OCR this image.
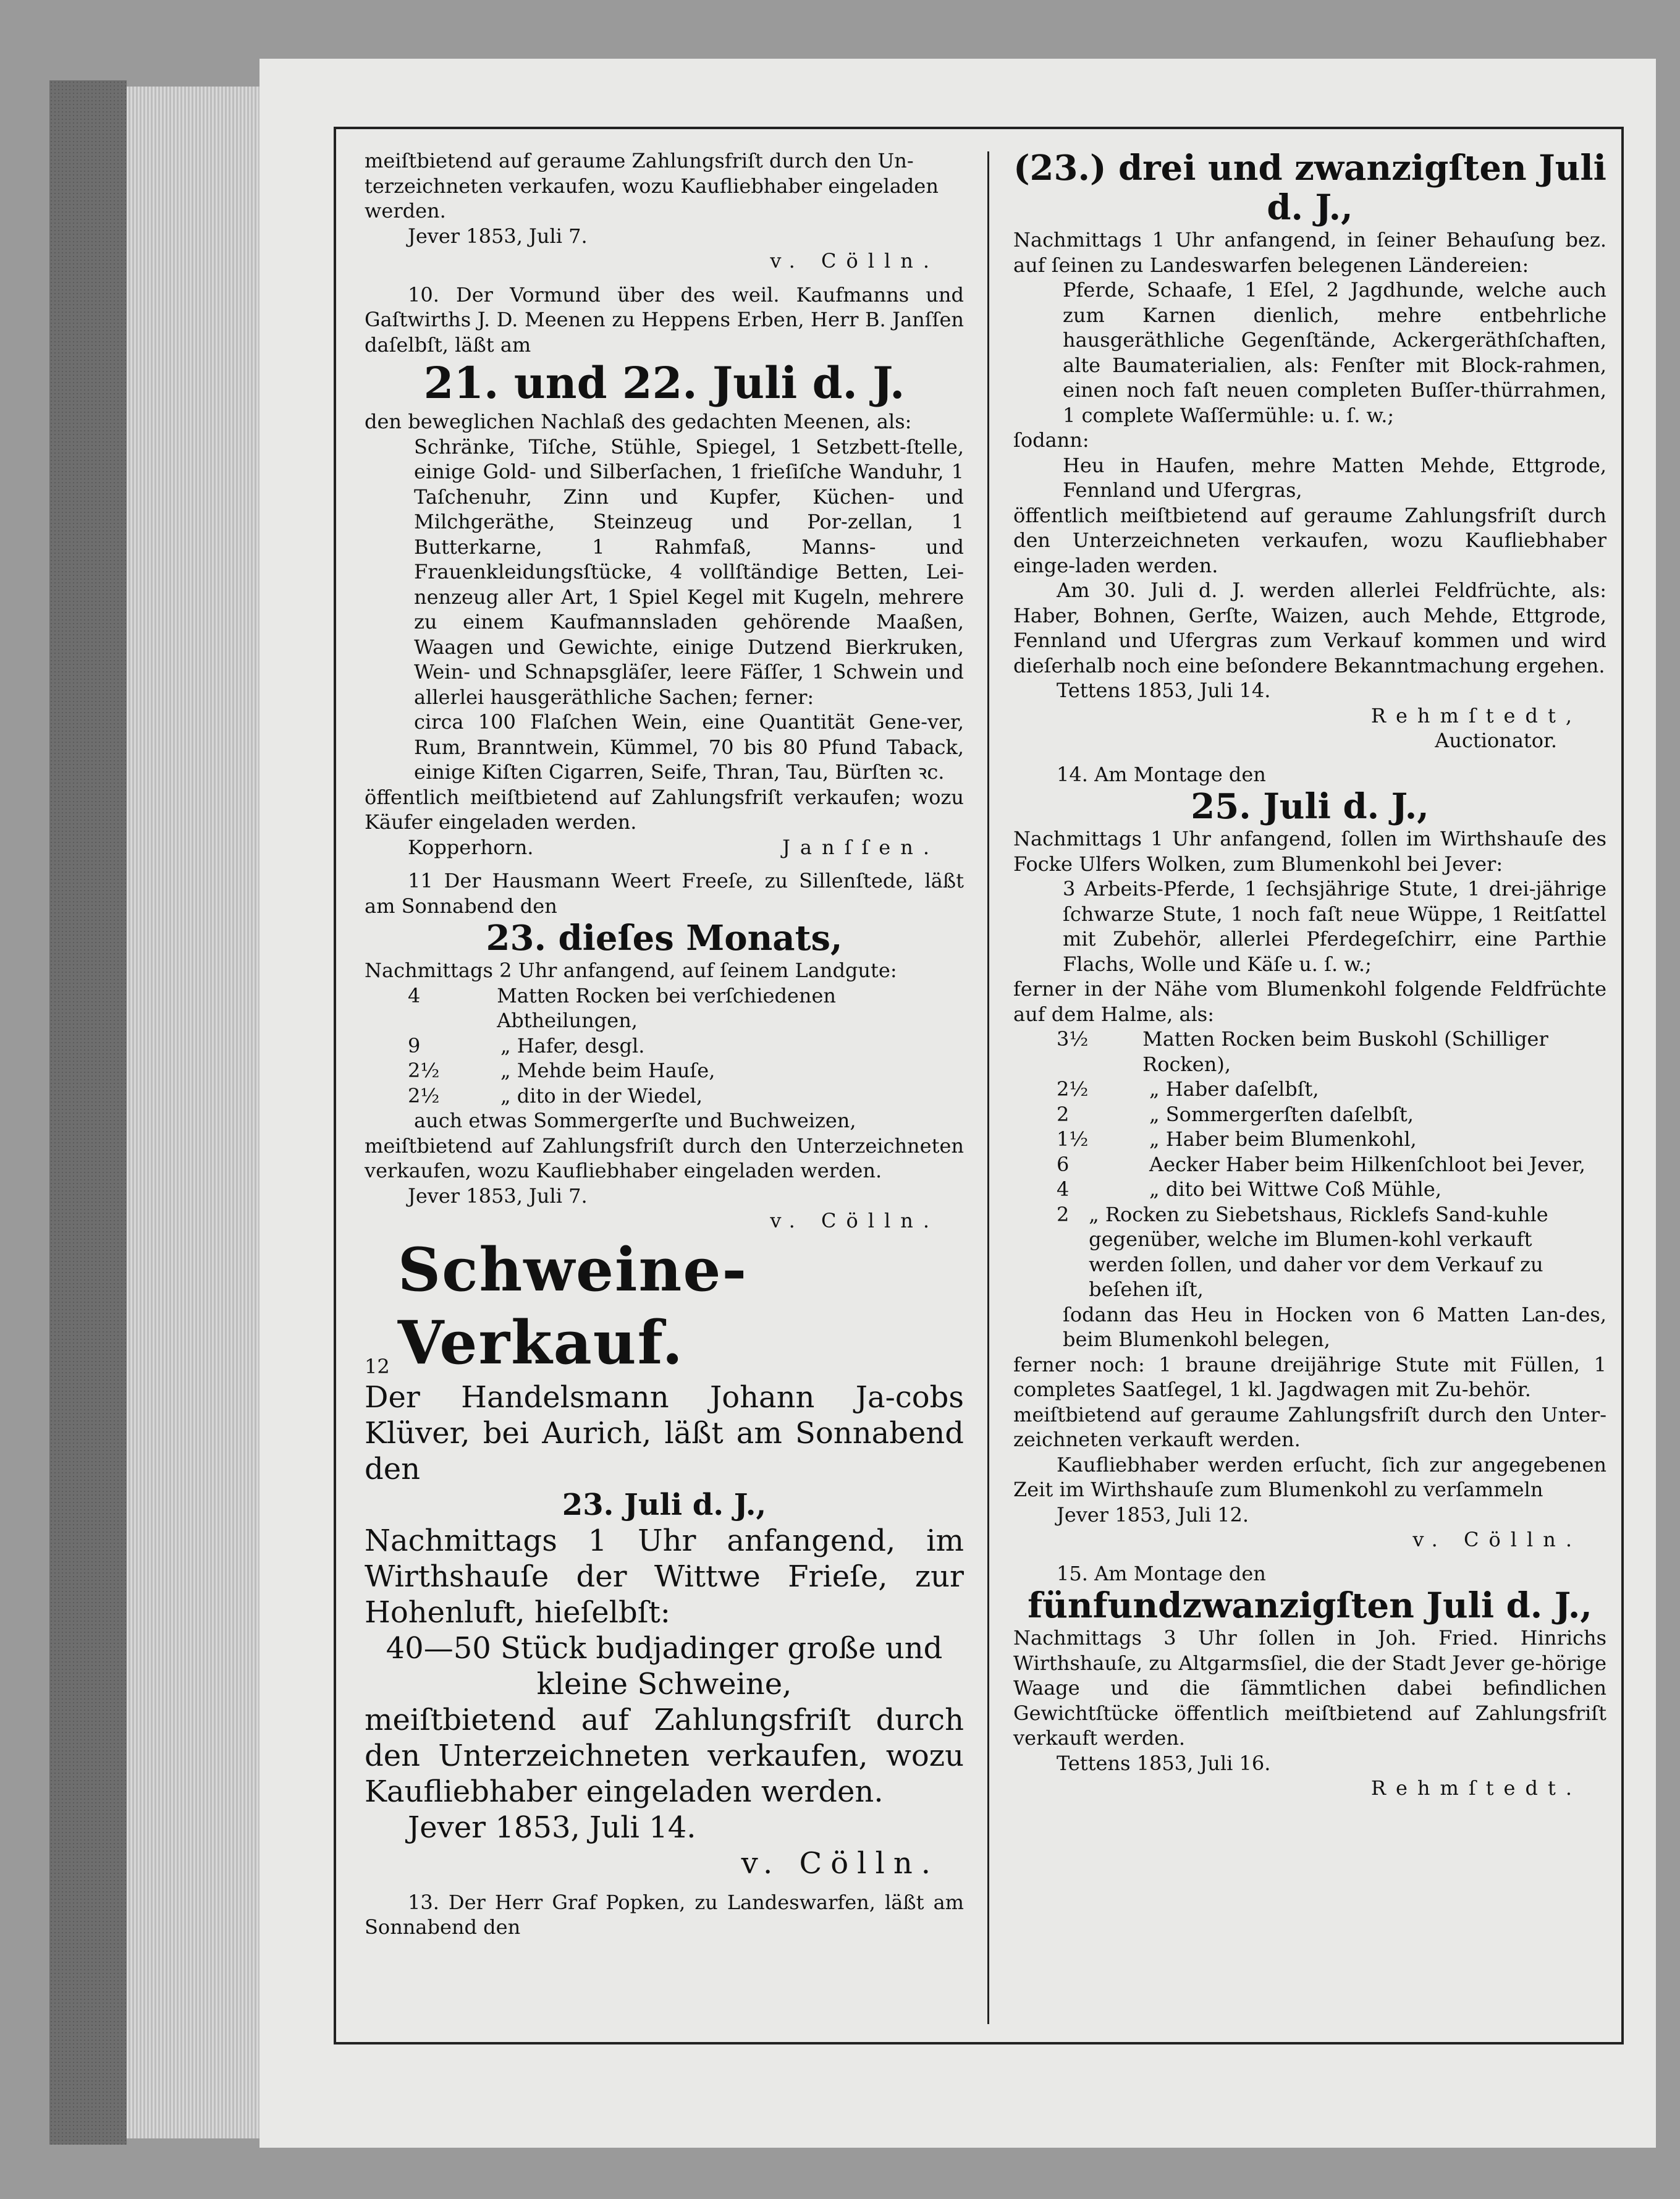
meiſtbietend auf geraume Zahlungsfriſt durch den Un-

terzeichneten verkaufen, wozu Kaufliebhaber eingeladen

werden.

Jever 1853, Juli 7.

v. Cölln.

10. Der Vormund über des weil. Kaufmanns und Gaſtwirths J. D. Meenen zu Heppens Erben, Herr B. Janſſen daſelbſt, läßt am

21. und 22. Juli d. J.

den beweglichen Nachlaß des gedachten Meenen, als:

Schränke, Tiſche, Stühle, Spiegel, 1 Setzbett-ſtelle, einige Gold- und Silberſachen, 1 frieſiſche Wanduhr, 1 Taſchenuhr, Zinn und Kupfer, Küchen- und Milchgeräthe, Steinzeug und Por-zellan, 1 Butterkarne, 1 Rahmfaß, Manns- und Frauenkleidungsſtücke, 4 vollſtändige Betten, Lei-nenzeug aller Art, 1 Spiel Kegel mit Kugeln, mehrere zu einem Kaufmannsladen gehörende Maaßen, Waagen und Gewichte, einige Dutzend Bierkruken, Wein- und Schnapsgläſer, leere Fäſſer, 1 Schwein und allerlei hausgeräthliche Sachen; ferner:

circa 100 Flaſchen Wein, eine Quantität Gene-ver, Rum, Branntwein, Kümmel, 70 bis 80 Pfund Taback, einige Kiſten Cigarren, Seife, Thran, Tau, Bürſten ꝛc.

öffentlich meiſtbietend auf Zahlungsfriſt verkaufen; wozu Käufer eingeladen werden.

Kopperhorn.	Janſſen.

11 Der Hausmann Weert Freeſe, zu Sillenſtede, läßt am Sonnabend den

23. dieſes Monats,

Nachmittags 2 Uhr anfangend, auf ſeinem Landgute:

4	Matten Rocken bei verſchiedenen Abtheilungen,
9	„ Hafer, desgl.
2½	„ Mehde beim Hauſe,
2½	„ dito in der Wiedel,

auch etwas Sommergerſte und Buchweizen,

meiſtbietend auf Zahlungsfriſt durch den Unterzeichneten verkaufen, wozu Kaufliebhaber eingeladen werden.

Jever 1853, Juli 7.

v. Cölln.

12
Schweine-Verkauf.

Der Handelsmann Johann Ja-cobs Klüver, bei Aurich, läßt am Sonnabend den

23. Juli d. J.,

Nachmittags 1 Uhr anfangend, im Wirthshauſe der Wittwe Frieſe, zur Hohenluft, hieſelbſt:

40—50 Stück budjadinger große und kleine Schweine,

meiſtbietend auf Zahlungsfriſt durch den Unterzeichneten verkaufen, wozu Kaufliebhaber eingeladen werden.

Jever 1853, Juli 14.

v. Cölln.

13. Der Herr Graf Popken, zu Landeswarfen, läßt am Sonnabend den

(23.) drei und zwanzigſten Juli d. J.,

Nachmittags 1 Uhr anfangend, in ſeiner Behauſung bez. auf ſeinen zu Landeswarfen belegenen Ländereien:

Pferde, Schaafe, 1 Eſel, 2 Jagdhunde, welche auch zum Karnen dienlich, mehre entbehrliche hausgeräthliche Gegenſtände, Ackergeräthſchaften, alte Baumaterialien, als: Fenſter mit Block-rahmen, einen noch faſt neuen completen Buſſer-thürrahmen, 1 complete Waſſermühle: u. ſ. w.;

ſodann:

Heu in Haufen, mehre Matten Mehde, Ettgrode, Fennland und Ufergras,

öffentlich meiſtbietend auf geraume Zahlungsfriſt durch den Unterzeichneten verkaufen, wozu Kaufliebhaber einge-laden werden.

Am 30. Juli d. J. werden allerlei Feldfrüchte, als: Haber, Bohnen, Gerſte, Waizen, auch Mehde, Ettgrode, Fennland und Ufergras zum Verkauf kommen und wird dieſerhalb noch eine beſondere Bekanntmachung ergehen.

Tettens 1853, Juli 14.

Rehmſtedt,

Auctionator.

14. Am Montage den

25. Juli d. J.,

Nachmittags 1 Uhr anfangend, ſollen im Wirthshauſe des Focke Ulfers Wolken, zum Blumenkohl bei Jever:

3 Arbeits-Pferde, 1 ſechsjährige Stute, 1 drei-jährige ſchwarze Stute, 1 noch faſt neue Wüppe, 1 Reitſattel mit Zubehör, allerlei Pferdegeſchirr, eine Parthie Flachs, Wolle und Käſe u. ſ. w.;

ferner in der Nähe vom Blumenkohl folgende Feldfrüchte auf dem Halme, als:

3½	Matten Rocken beim Buskohl (Schilliger Rocken),
2½	„ Haber daſelbſt,
2	„ Sommergerſten daſelbſt,
1½	„ Haber beim Blumenkohl,
6	Aecker Haber beim Hilkenſchloot bei Jever,
4	„ dito bei Wittwe Coß Mühle,
2 „ Rocken zu Siebetshaus, Ricklefs Sand-kuhle gegenüber, welche im Blumen-kohl verkauft werden ſollen, und daher vor dem Verkauf zu beſehen iſt,

ſodann das Heu in Hocken von 6 Matten Lan-des, beim Blumenkohl belegen,

ferner noch: 1 braune dreijährige Stute mit Füllen, 1 completes Saatſegel, 1 kl. Jagdwagen mit Zu-behör.

meiſtbietend auf geraume Zahlungsfriſt durch den Unter-zeichneten verkauft werden.

Kaufliebhaber werden erſucht, ſich zur angegebenen Zeit im Wirthshauſe zum Blumenkohl zu verſammeln

Jever 1853, Juli 12.

v. Cölln.

15. Am Montage den

fünfundzwanzigſten Juli d. J.,

Nachmittags 3 Uhr ſollen in Joh. Fried. Hinrichs Wirthshauſe, zu Altgarmsſiel, die der Stadt Jever ge-hörige Waage und die ſämmtlichen dabei befindlichen Gewichtſtücke öffentlich meiſtbietend auf Zahlungsfriſt verkauft werden.

Tettens 1853, Juli 16.

Rehmſtedt.
